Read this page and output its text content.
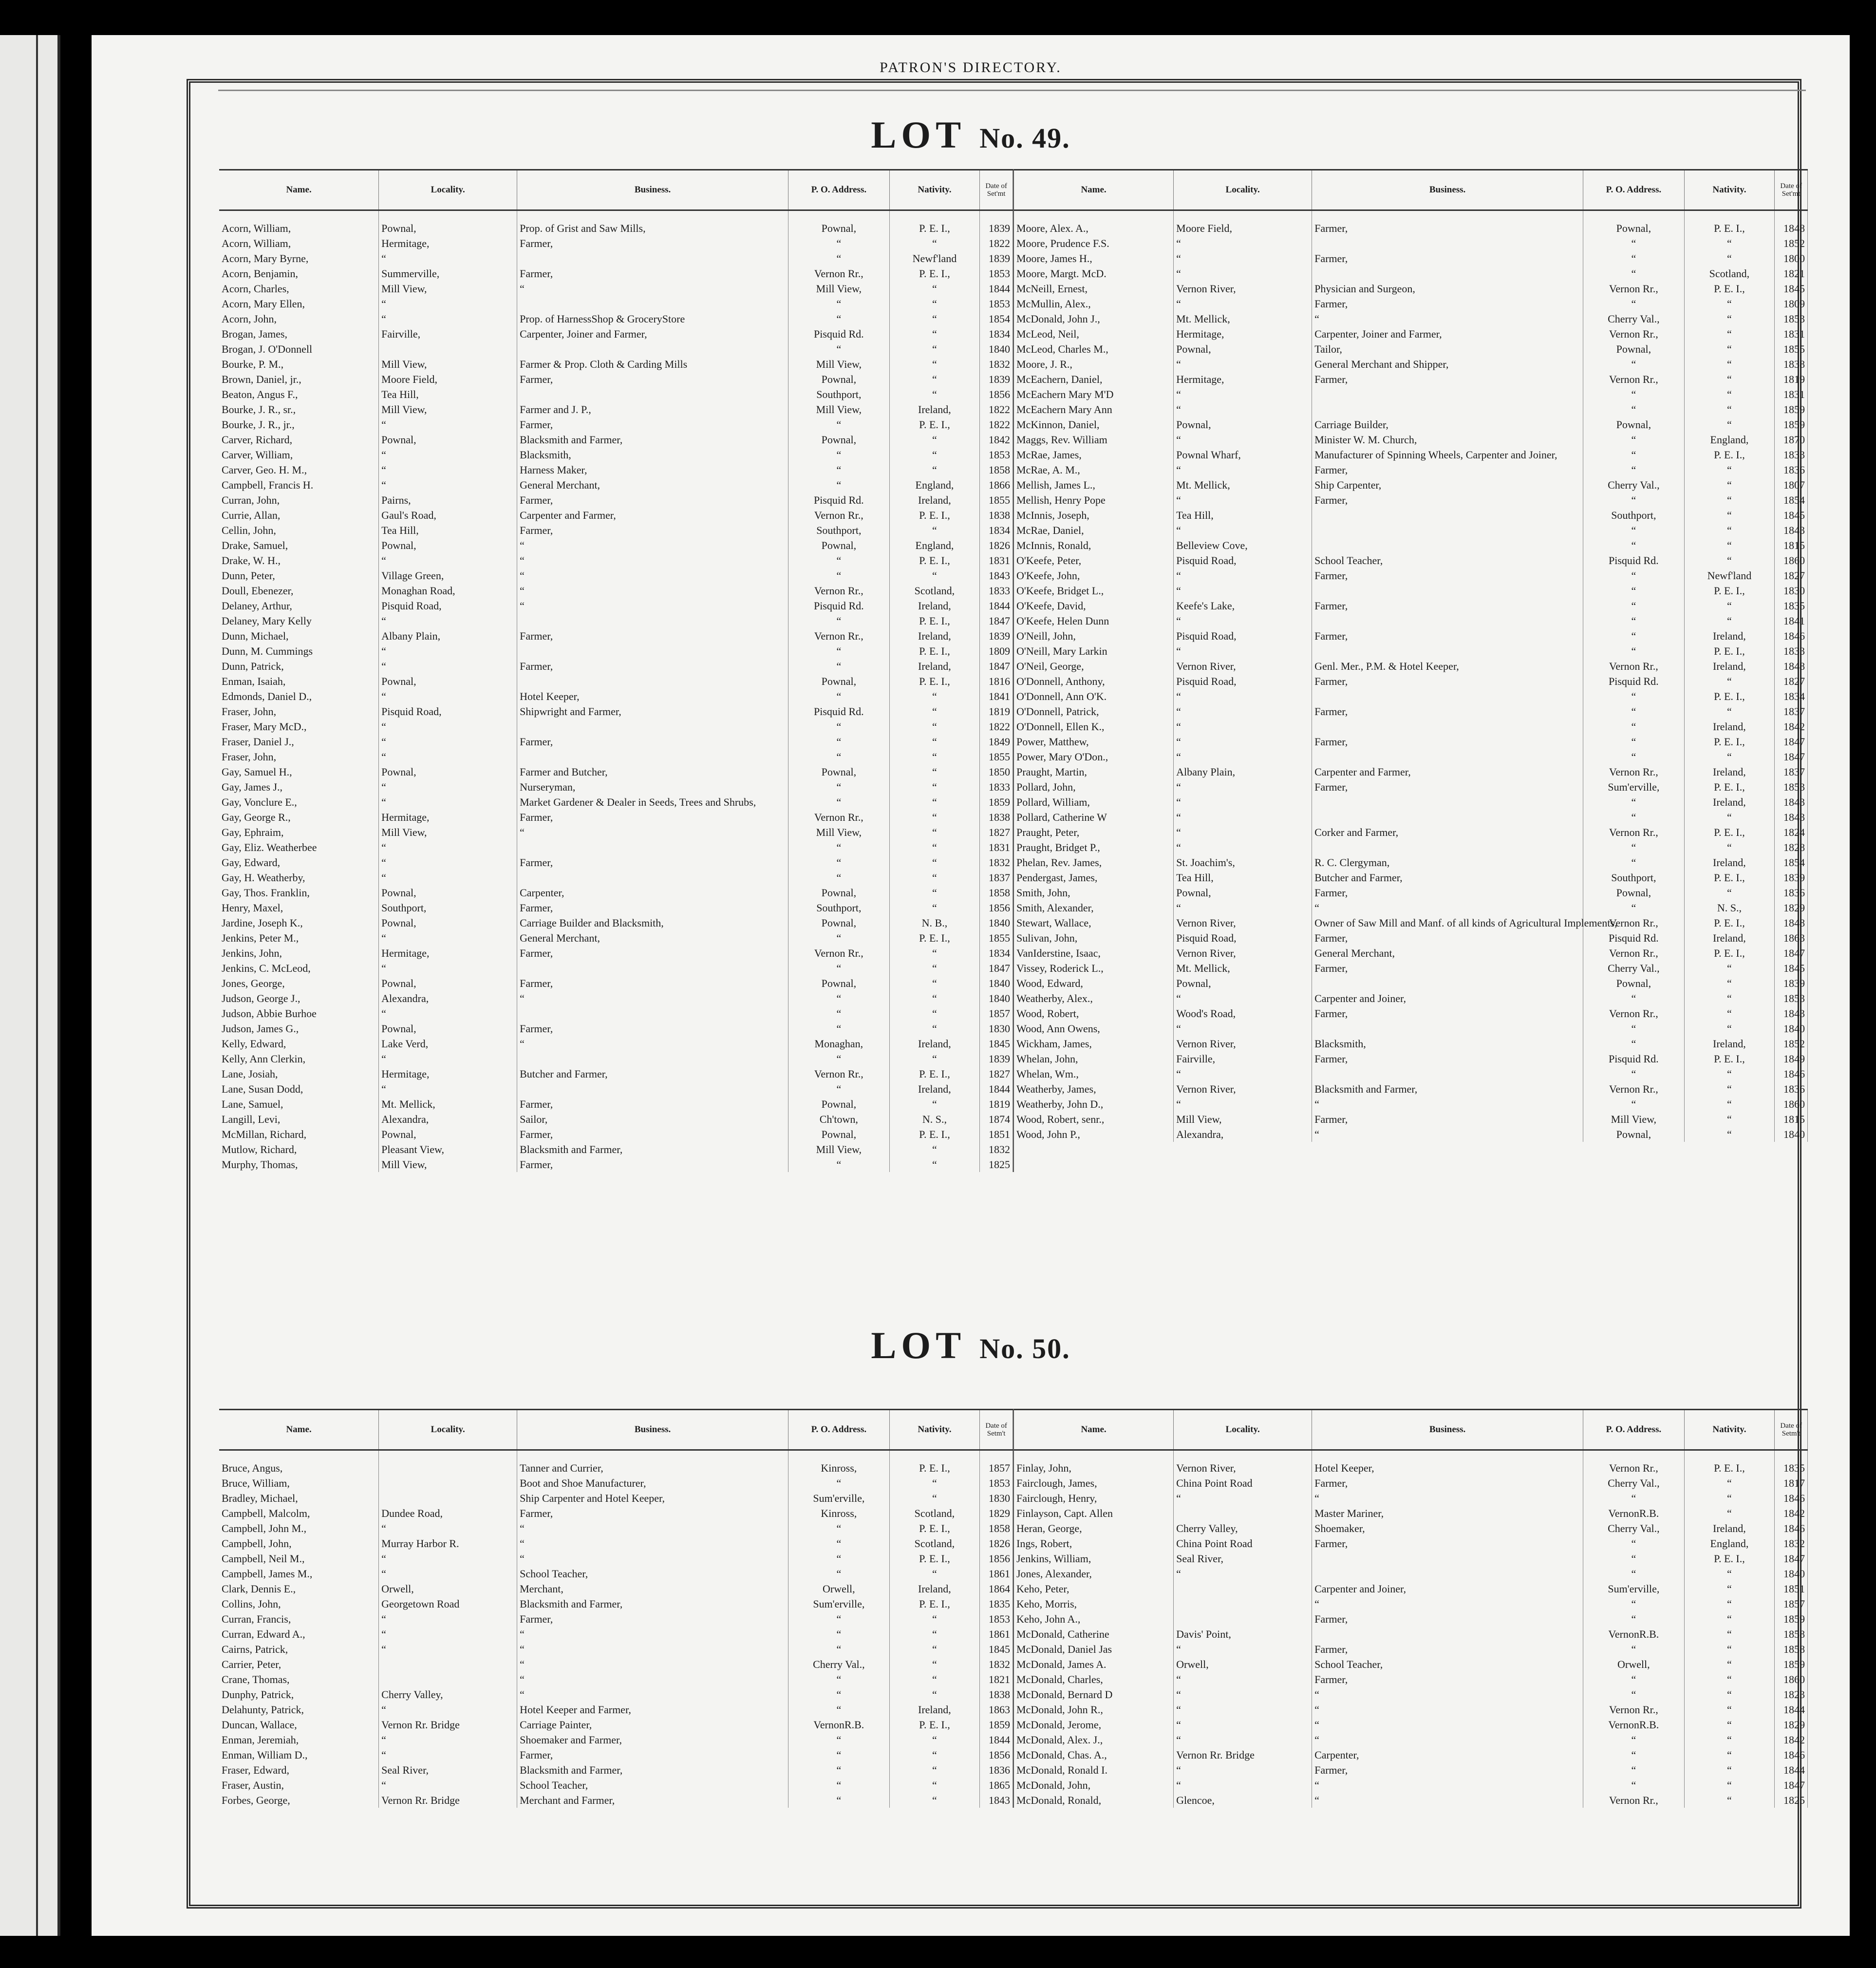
PATRON'S DIRECTORY.
LOT No. 49.
Name.	Locality.	Business.	P. O. Address.	Nativity.	Date of Set'mt
Acorn, William,	Pownal,	Prop. of Grist and Saw Mills,	Pownal,	P. E. I.,	1839
Acorn, William,	Hermitage,	Farmer,	“	“	1822
Acorn, Mary Byrne,	“		“	Newf'land	1839
Acorn, Benjamin,	Summerville,	Farmer,	Vernon Rr.,	P. E. I.,	1853
Acorn, Charles,	Mill View,	“	Mill View,	“	1844
Acorn, Mary Ellen,	“		“	“	1853
Acorn, John,	“	Prop. of HarnessShop & GroceryStore	“	“	1854
Brogan, James,	Fairville,	Carpenter, Joiner and Farmer,	Pisquid Rd.	“	1834
Brogan, J. O'Donnell			“	“	1840
Bourke, P. M.,	Mill View,	Farmer & Prop. Cloth & Carding Mills	Mill View,	“	1832
Brown, Daniel, jr.,	Moore Field,	Farmer,	Pownal,	“	1839
Beaton, Angus F.,	Tea Hill,		Southport,	“	1856
Bourke, J. R., sr.,	Mill View,	Farmer and J. P.,	Mill View,	Ireland,	1822
Bourke, J. R., jr.,	“	Farmer,	“	P. E. I.,	1822
Carver, Richard,	Pownal,	Blacksmith and Farmer,	Pownal,	“	1842
Carver, William,	“	Blacksmith,	“	“	1853
Carver, Geo. H. M.,	“	Harness Maker,	“	“	1858
Campbell, Francis H.	“	General Merchant,	“	England,	1866
Curran, John,	Pairns,	Farmer,	Pisquid Rd.	Ireland,	1855
Currie, Allan,	Gaul's Road,	Carpenter and Farmer,	Vernon Rr.,	P. E. I.,	1838
Cellin, John,	Tea Hill,	Farmer,	Southport,	“	1834
Drake, Samuel,	Pownal,	“	Pownal,	England,	1826
Drake, W. H.,	“	“	“	P. E. I.,	1831
Dunn, Peter,	Village Green,	“	“	“	1843
Doull, Ebenezer,	Monaghan Road,	“	Vernon Rr.,	Scotland,	1833
Delaney, Arthur,	Pisquid Road,	“	Pisquid Rd.	Ireland,	1844
Delaney, Mary Kelly	“		“	P. E. I.,	1847
Dunn, Michael,	Albany Plain,	Farmer,	Vernon Rr.,	Ireland,	1839
Dunn, M. Cummings	“		“	P. E. I.,	1809
Dunn, Patrick,	“	Farmer,	“	Ireland,	1847
Enman, Isaiah,	Pownal,		Pownal,	P. E. I.,	1816
Edmonds, Daniel D.,	“	Hotel Keeper,	“	“	1841
Fraser, John,	Pisquid Road,	Shipwright and Farmer,	Pisquid Rd.	“	1819
Fraser, Mary McD.,	“		“	“	1822
Fraser, Daniel J.,	“	Farmer,	“	“	1849
Fraser, John,	“		“	“	1855
Gay, Samuel H.,	Pownal,	Farmer and Butcher,	Pownal,	“	1850
Gay, James J.,	“	Nurseryman,	“	“	1833
Gay, Vonclure E.,	“	Market Gardener & Dealer in Seeds, Trees and Shrubs,	“	“	1859
Gay, George R.,	Hermitage,	Farmer,	Vernon Rr.,	“	1838
Gay, Ephraim,	Mill View,	“	Mill View,	“	1827
Gay, Eliz. Weatherbee	“		“	“	1831
Gay, Edward,	“	Farmer,	“	“	1832
Gay, H. Weatherby,	“		“	“	1837
Gay, Thos. Franklin,	Pownal,	Carpenter,	Pownal,	“	1858
Henry, Maxel,	Southport,	Farmer,	Southport,	“	1856
Jardine, Joseph K.,	Pownal,	Carriage Builder and Blacksmith,	Pownal,	N. B.,	1840
Jenkins, Peter M.,	“	General Merchant,	“	P. E. I.,	1855
Jenkins, John,	Hermitage,	Farmer,	Vernon Rr.,	“	1834
Jenkins, C. McLeod,	“		“	“	1847
Jones, George,	Pownal,	Farmer,	Pownal,	“	1840
Judson, George J.,	Alexandra,	“	“	“	1840
Judson, Abbie Burhoe	“		“	“	1857
Judson, James G.,	Pownal,	Farmer,	“	“	1830
Kelly, Edward,	Lake Verd,	“	Monaghan,	Ireland,	1845
Kelly, Ann Clerkin,	“		“	“	1839
Lane, Josiah,	Hermitage,	Butcher and Farmer,	Vernon Rr.,	P. E. I.,	1827
Lane, Susan Dodd,	“		“	Ireland,	1844
Lane, Samuel,	Mt. Mellick,	Farmer,	Pownal,	“	1819
Langill, Levi,	Alexandra,	Sailor,	Ch'town,	N. S.,	1874
McMillan, Richard,	Pownal,	Farmer,	Pownal,	P. E. I.,	1851
Mutlow, Richard,	Pleasant View,	Blacksmith and Farmer,	Mill View,	“	1832
Murphy, Thomas,	Mill View,	Farmer,	“	“	1825
Name.	Locality.	Business.	P. O. Address.	Nativity.	Date of Set'mt
Moore, Alex. A.,	Moore Field,	Farmer,	Pownal,	P. E. I.,	1848
Moore, Prudence F.S.	“		“	“	1852
Moore, James H.,	“	Farmer,	“	“	1800
Moore, Margt. McD.	“		“	Scotland,	1821
McNeill, Ernest,	Vernon River,	Physician and Surgeon,	Vernon Rr.,	P. E. I.,	1845
McMullin, Alex.,	“	Farmer,	“	“	1809
McDonald, John J.,	Mt. Mellick,	“	Cherry Val.,	“	1853
McLeod, Neil,	Hermitage,	Carpenter, Joiner and Farmer,	Vernon Rr.,	“	1831
McLeod, Charles M.,	Pownal,	Tailor,	Pownal,	“	1855
Moore, J. R.,	“	General Merchant and Shipper,	“	“	1838
McEachern, Daniel,	Hermitage,	Farmer,	Vernon Rr.,	“	1819
McEachern Mary M'D	“		“	“	1831
McEachern Mary Ann	“		“	“	1859
McKinnon, Daniel,	Pownal,	Carriage Builder,	Pownal,	“	1859
Maggs, Rev. William	“	Minister W. M. Church,	“	England,	1870
McRae, James,	Pownal Wharf,	Manufacturer of Spinning Wheels, Carpenter and Joiner,	“	P. E. I.,	1833
McRae, A. M.,	“	Farmer,	“	“	1836
Mellish, James L.,	Mt. Mellick,	Ship Carpenter,	Cherry Val.,	“	1807
Mellish, Henry Pope	“	Farmer,	“	“	1854
McInnis, Joseph,	Tea Hill,		Southport,	“	1845
McRae, Daniel,	“		“	“	1843
McInnis, Ronald,	Belleview Cove,		“	“	1815
O'Keefe, Peter,	Pisquid Road,	School Teacher,	Pisquid Rd.	“	1860
O'Keefe, John,	“	Farmer,	“	Newf'land	1827
O'Keefe, Bridget L.,	“		“	P. E. I.,	1830
O'Keefe, David,	Keefe's Lake,	Farmer,	“	“	1835
O'Keefe, Helen Dunn	“		“	“	1841
O'Neill, John,	Pisquid Road,	Farmer,	“	Ireland,	1846
O'Neill, Mary Larkin	“		“	P. E. I.,	1833
O'Neil, George,	Vernon River,	Genl. Mer., P.M. & Hotel Keeper,	Vernon Rr.,	Ireland,	1848
O'Donnell, Anthony,	Pisquid Road,	Farmer,	Pisquid Rd.	“	1827
O'Donnell, Ann O'K.	“		“	P. E. I.,	1834
O'Donnell, Patrick,	“	Farmer,	“	“	1837
O'Donnell, Ellen K.,	“		“	Ireland,	1842
Power, Matthew,	“	Farmer,	“	P. E. I.,	1847
Power, Mary O'Don.,	“		“	“	1847
Praught, Martin,	Albany Plain,	Carpenter and Farmer,	Vernon Rr.,	Ireland,	1837
Pollard, John,	“	Farmer,	Sum'erville,	P. E. I.,	1853
Pollard, William,	“		“	Ireland,	1843
Pollard, Catherine W	“		“	“	1843
Praught, Peter,	“	Corker and Farmer,	Vernon Rr.,	P. E. I.,	1824
Praught, Bridget P.,	“		“	“	1828
Phelan, Rev. James,	St. Joachim's,	R. C. Clergyman,	“	Ireland,	1854
Pendergast, James,	Tea Hill,	Butcher and Farmer,	Southport,	P. E. I.,	1839
Smith, John,	Pownal,	Farmer,	Pownal,	“	1836
Smith, Alexander,	“	“	“	N. S.,	1829
Stewart, Wallace,	Vernon River,	Owner of Saw Mill and Manf. of all kinds of Agricultural Implements,	Vernon Rr.,	P. E. I.,	1848
Sulivan, John,	Pisquid Road,	Farmer,	Pisquid Rd.	Ireland,	1863
VanIderstine, Isaac,	Vernon River,	General Merchant,	Vernon Rr.,	P. E. I.,	1847
Vissey, Roderick L.,	Mt. Mellick,	Farmer,	Cherry Val.,	“	1845
Wood, Edward,	Pownal,		Pownal,	“	1839
Weatherby, Alex.,	“	Carpenter and Joiner,	“	“	1853
Wood, Robert,	Wood's Road,	Farmer,	Vernon Rr.,	“	1843
Wood, Ann Owens,	“		“	“	1840
Wickham, James,	Vernon River,	Blacksmith,	“	Ireland,	1852
Whelan, John,	Fairville,	Farmer,	Pisquid Rd.	P. E. I.,	1849
Whelan, Wm.,	“		“	“	1846
Weatherby, James,	Vernon River,	Blacksmith and Farmer,	Vernon Rr.,	“	1836
Weatherby, John D.,	“	“	“	“	1860
Wood, Robert, senr.,	Mill View,	Farmer,	Mill View,	“	1815
Wood, John P.,	Alexandra,	“	Pownal,	“	1840
LOT No. 50.
Name.	Locality.	Business.	P. O. Address.	Nativity.	Date of Setm't
Bruce, Angus,		Tanner and Currier,	Kinross,	P. E. I.,	1857
Bruce, William,		Boot and Shoe Manufacturer,	“	“	1853
Bradley, Michael,		Ship Carpenter and Hotel Keeper,	Sum'erville,	“	1830
Campbell, Malcolm,	Dundee Road,	Farmer,	Kinross,	Scotland,	1829
Campbell, John M.,	“	“	“	P. E. I.,	1858
Campbell, John,	Murray Harbor R.	“	“	Scotland,	1826
Campbell, Neil M.,	“	“	“	P. E. I.,	1856
Campbell, James M.,	“	School Teacher,	“	“	1861
Clark, Dennis E.,	Orwell,	Merchant,	Orwell,	Ireland,	1864
Collins, John,	Georgetown Road	Blacksmith and Farmer,	Sum'erville,	P. E. I.,	1835
Curran, Francis,	“	Farmer,	“	“	1853
Curran, Edward A.,	“	“	“	“	1861
Cairns, Patrick,	“	“	“	“	1845
Carrier, Peter,		“	Cherry Val.,	“	1832
Crane, Thomas,		“	“	“	1821
Dunphy, Patrick,	Cherry Valley,	“	“	“	1838
Delahunty, Patrick,	“	Hotel Keeper and Farmer,	“	Ireland,	1863
Duncan, Wallace,	Vernon Rr. Bridge	Carriage Painter,	VernonR.B.	P. E. I.,	1859
Enman, Jeremiah,	“	Shoemaker and Farmer,	“	“	1844
Enman, William D.,	“	Farmer,	“	“	1856
Fraser, Edward,	Seal River,	Blacksmith and Farmer,	“	“	1836
Fraser, Austin,	“	School Teacher,	“	“	1865
Forbes, George,	Vernon Rr. Bridge	Merchant and Farmer,	“	“	1843
Name.	Locality.	Business.	P. O. Address.	Nativity.	Date of Setm't
Finlay, John,	Vernon River,	Hotel Keeper,	Vernon Rr.,	P. E. I.,	1835
Fairclough, James,	China Point Road	Farmer,	Cherry Val.,	“	1817
Fairclough, Henry,	“	“	“	“	1846
Finlayson, Capt. Allen		Master Mariner,	VernonR.B.	“	1842
Heran, George,	Cherry Valley,	Shoemaker,	Cherry Val.,	Ireland,	1846
Ings, Robert,	China Point Road	Farmer,	“	England,	1832
Jenkins, William,	Seal River,		“	P. E. I.,	1847
Jones, Alexander,	“		“	“	1840
Keho, Peter,		Carpenter and Joiner,	Sum'erville,	“	1851
Keho, Morris,		“	“	“	1857
Keho, John A.,		Farmer,	“	“	1859
McDonald, Catherine	Davis' Point,		VernonR.B.	“	1858
McDonald, Daniel Jas	“	Farmer,	“	“	1858
McDonald, James A.	Orwell,	School Teacher,	Orwell,	“	1859
McDonald, Charles,	“	Farmer,	“	“	1860
McDonald, Bernard D	“	“	“	“	1823
McDonald, John R.,	“	“	Vernon Rr.,	“	1844
McDonald, Jerome,	“	“	VernonR.B.	“	1829
McDonald, Alex. J.,	“	“	“	“	1842
McDonald, Chas. A.,	Vernon Rr. Bridge	Carpenter,	“	“	1846
McDonald, Ronald I.	“	Farmer,	“	“	1844
McDonald, John,	“	“	“	“	1847
McDonald, Ronald,	Glencoe,	“	Vernon Rr.,	“	1825
